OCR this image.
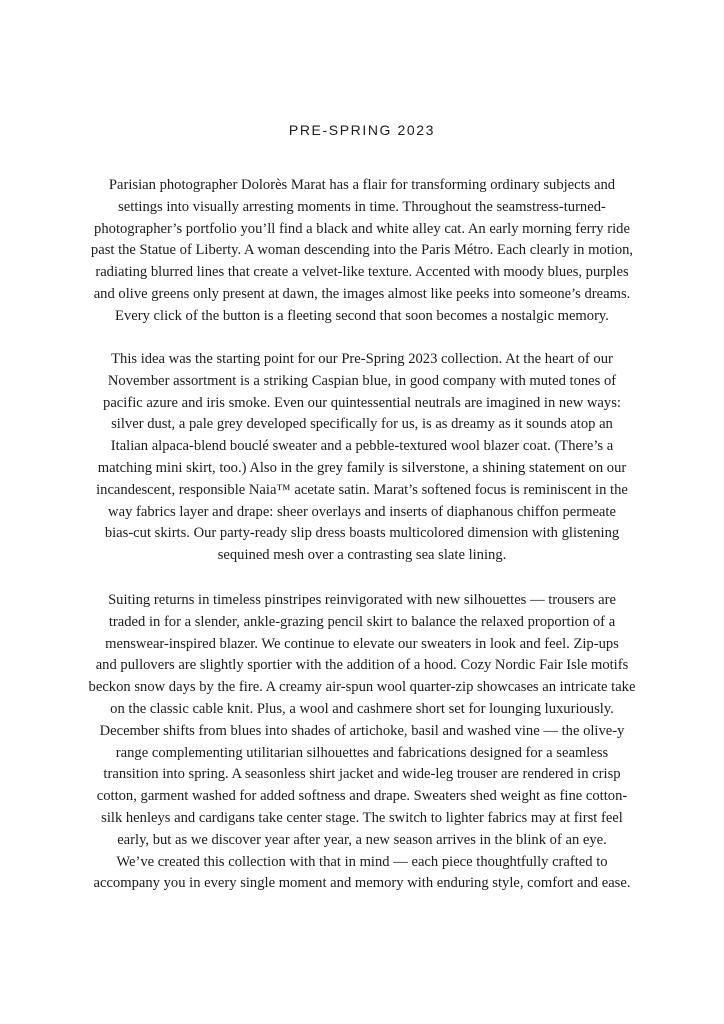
PRE-SPRING 2023
Parisian photographer Dolorès Marat has a flair for transforming ordinary subjects and
settings into visually arresting moments in time. Throughout the seamstress-turned-
photographer’s portfolio you’ll find a black and white alley cat. An early morning ferry ride
past the Statue of Liberty. A woman descending into the Paris Métro. Each clearly in motion,
radiating blurred lines that create a velvet-like texture. Accented with moody blues, purples
and olive greens only present at dawn, the images almost like peeks into someone’s dreams.
Every click of the button is a fleeting second that soon becomes a nostalgic memory.
This idea was the starting point for our Pre-Spring 2023 collection. At the heart of our
November assortment is a striking Caspian blue, in good company with muted tones of
pacific azure and iris smoke. Even our quintessential neutrals are imagined in new ways:
silver dust, a pale grey developed specifically for us, is as dreamy as it sounds atop an
Italian alpaca-blend bouclé sweater and a pebble-textured wool blazer coat. (There’s a
matching mini skirt, too.) Also in the grey family is silverstone, a shining statement on our
incandescent, responsible Naia™ acetate satin. Marat’s softened focus is reminiscent in the
way fabrics layer and drape: sheer overlays and inserts of diaphanous chiffon permeate
bias-cut skirts. Our party-ready slip dress boasts multicolored dimension with glistening
sequined mesh over a contrasting sea slate lining.
Suiting returns in timeless pinstripes reinvigorated with new silhouettes — trousers are
traded in for a slender, ankle-grazing pencil skirt to balance the relaxed proportion of a
menswear-inspired blazer. We continue to elevate our sweaters in look and feel. Zip-ups
and pullovers are slightly sportier with the addition of a hood. Cozy Nordic Fair Isle motifs
beckon snow days by the fire. A creamy air-spun wool quarter-zip showcases an intricate take
on the classic cable knit. Plus, a wool and cashmere short set for lounging luxuriously.
December shifts from blues into shades of artichoke, basil and washed vine — the olive-y
range complementing utilitarian silhouettes and fabrications designed for a seamless
transition into spring. A seasonless shirt jacket and wide-leg trouser are rendered in crisp
cotton, garment washed for added softness and drape. Sweaters shed weight as fine cotton-
silk henleys and cardigans take center stage. The switch to lighter fabrics may at first feel
early, but as we discover year after year, a new season arrives in the blink of an eye.
We’ve created this collection with that in mind — each piece thoughtfully crafted to
accompany you in every single moment and memory with enduring style, comfort and ease.
